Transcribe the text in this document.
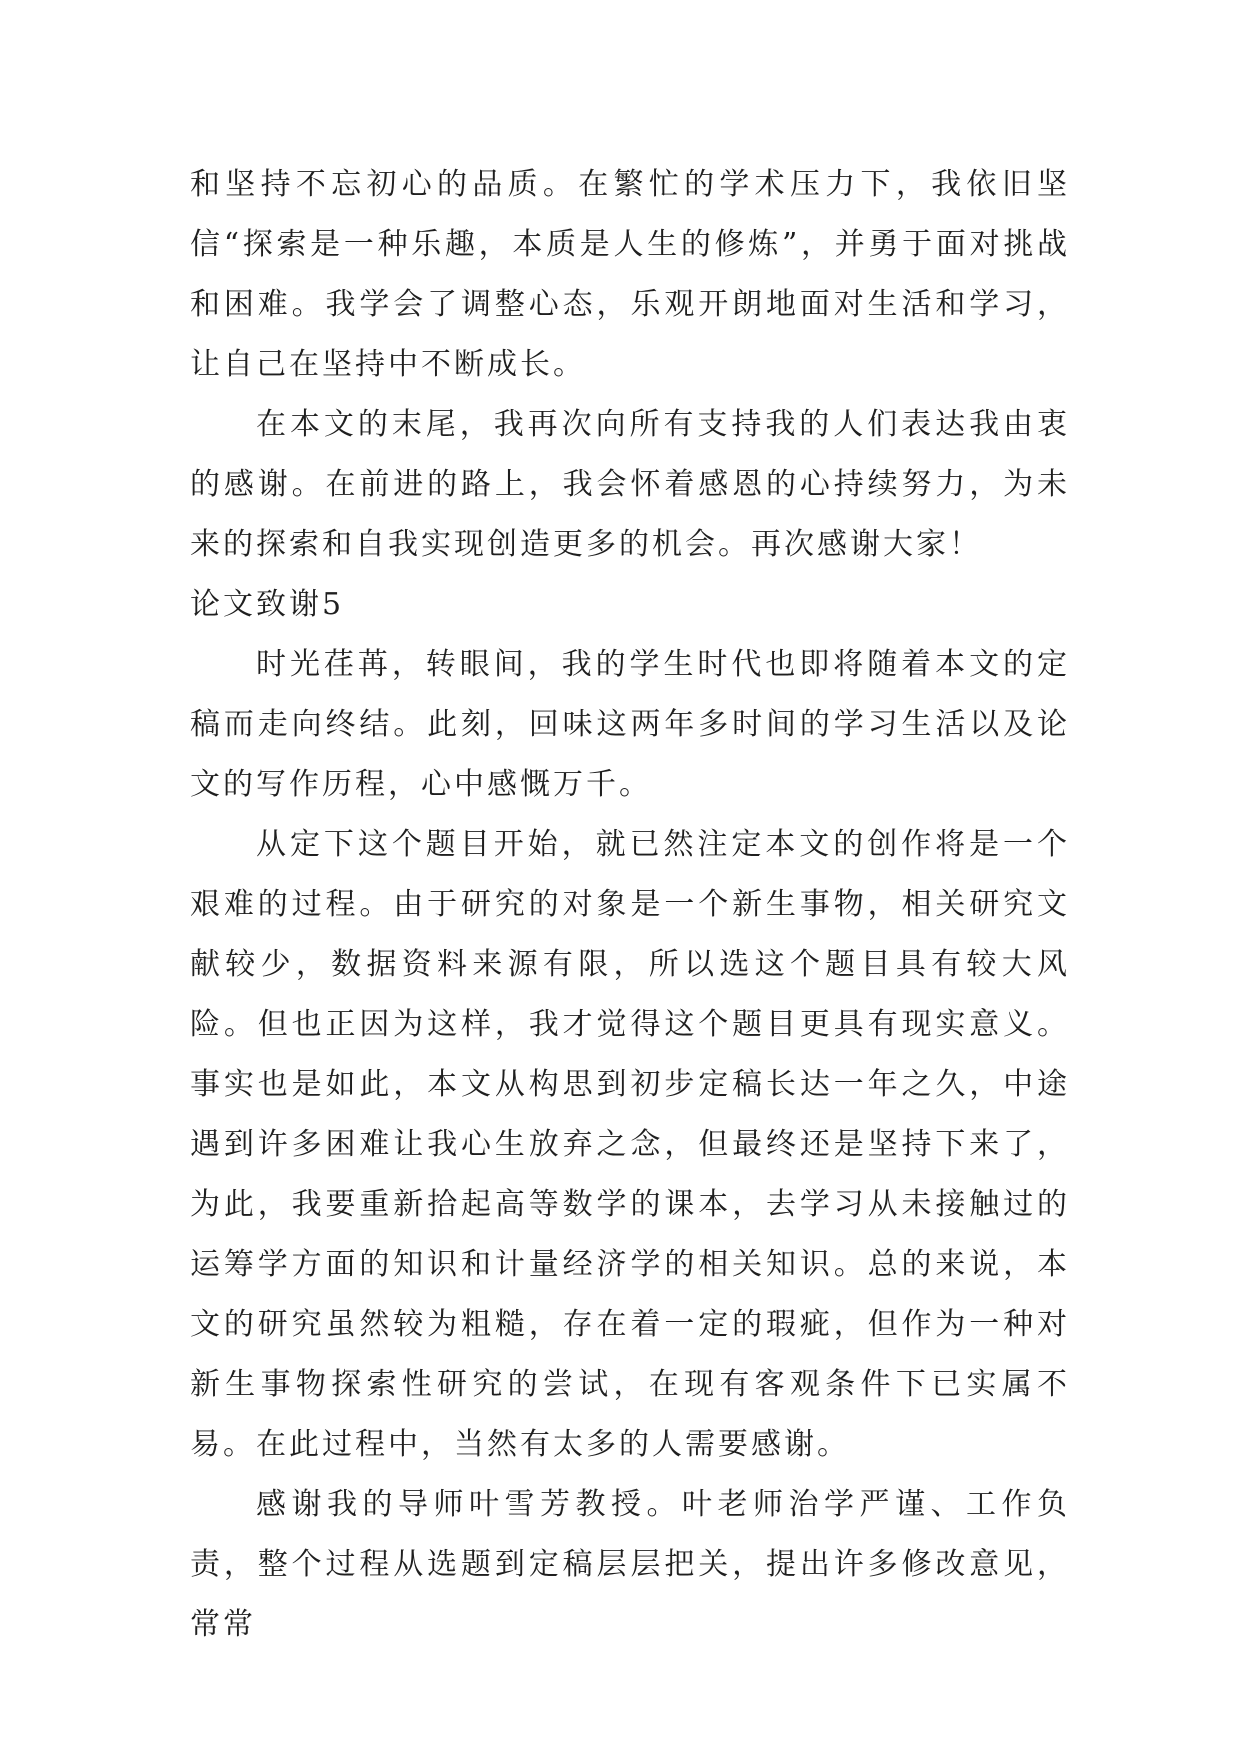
和坚持不忘初心的品质。在繁忙的学术压力下，我依旧坚信“探索是一种乐趣，本质是人生的修炼”，并勇于面对挑战和困难。我学会了调整心态，乐观开朗地面对生活和学习，让自己在坚持中不断成长。

在本文的末尾，我再次向所有支持我的人们表达我由衷的感谢。在前进的路上，我会怀着感恩的心持续努力，为未来的探索和自我实现创造更多的机会。再次感谢大家！

论文致谢5

时光荏苒，转眼间，我的学生时代也即将随着本文的定稿而走向终结。此刻，回味这两年多时间的学习生活以及论文的写作历程，心中感慨万千。

从定下这个题目开始，就已然注定本文的创作将是一个艰难的过程。由于研究的对象是一个新生事物，相关研究文献较少，数据资料来源有限，所以选这个题目具有较大风险。但也正因为这样，我才觉得这个题目更具有现实意义。事实也是如此，本文从构思到初步定稿长达一年之久，中途遇到许多困难让我心生放弃之念，但最终还是坚持下来了，为此，我要重新拾起高等数学的课本，去学习从未接触过的运筹学方面的知识和计量经济学的相关知识。总的来说，本文的研究虽然较为粗糙，存在着一定的瑕疵，但作为一种对新生事物探索性研究的尝试，在现有客观条件下已实属不易。在此过程中，当然有太多的人需要感谢。

感谢我的导师叶雪芳教授。叶老师治学严谨、工作负责，整个过程从选题到定稿层层把关，提出许多修改意见，常常
